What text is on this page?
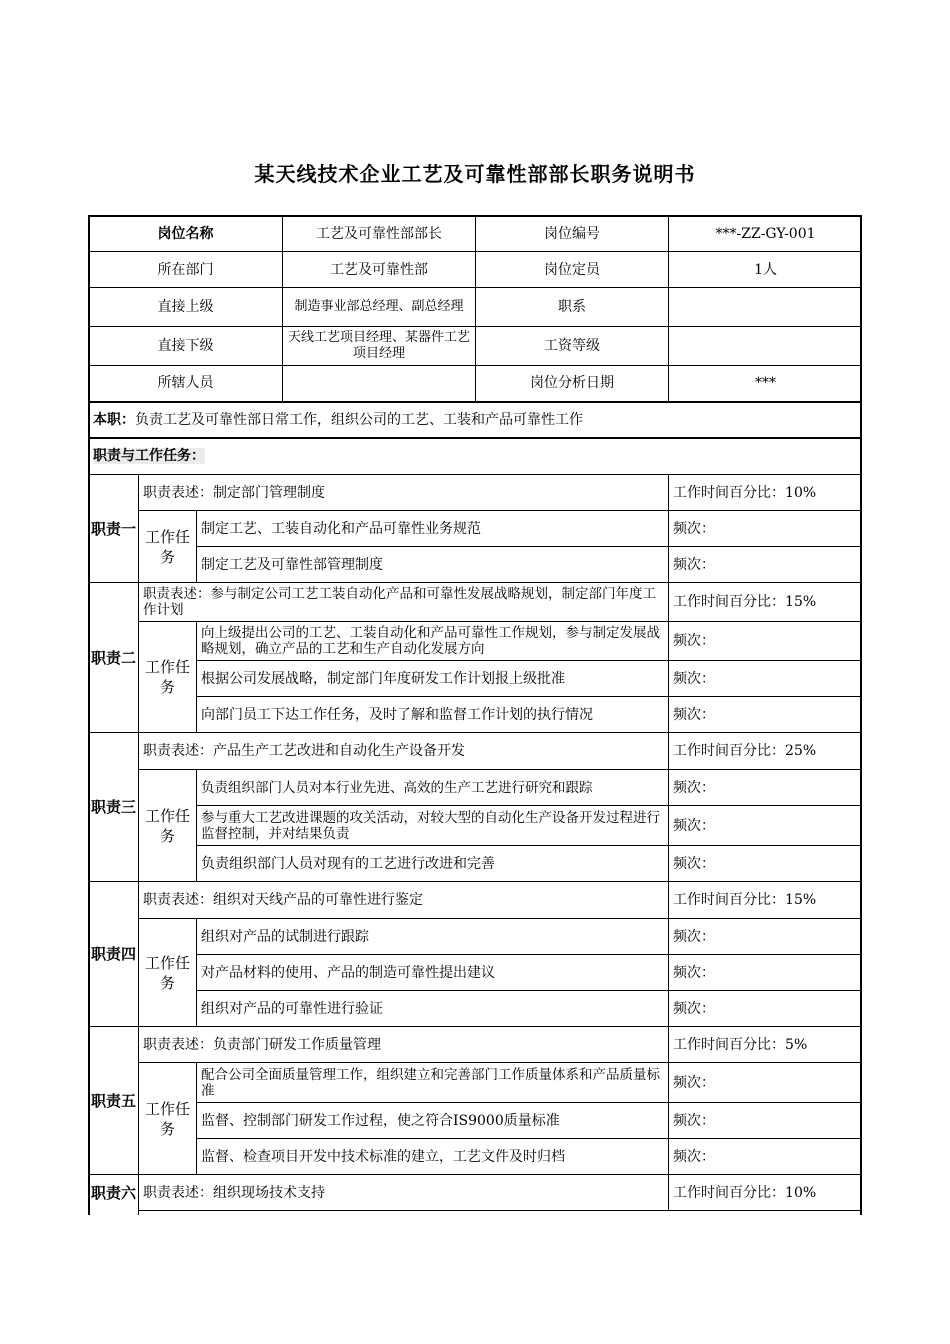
某天线技术企业工艺及可靠性部部长职务说明书
岗位名称			工艺及可靠性部部长	岗位编号	***-ZZ-GY-001
所在部门			工艺及可靠性部	岗位定员	1人
直接上级			制造事业部总经理、副总经理	职系	
直接下级			天线工艺项目经理、某器件工艺项目经理	工资等级	
所辖人员				岗位分析日期	***
本职：负责工艺及可靠性部日常工作，组织公司的工艺、工装和产品可靠性工作					
职责与工作任务：					
职责一	职责表述：制定部门管理制度				工作时间百分比：10%
	工作任务	制定工艺、工装自动化和产品可靠性业务规范			频次：
		制定工艺及可靠性部管理制度			频次：
职责二	职责表述：参与制定公司工艺工装自动化产品和可靠性发展战略规划，制定部门年度工作计划				工作时间百分比：15%
	工作任务	向上级提出公司的工艺、工装自动化和产品可靠性工作规划，参与制定发展战略规划，确立产品的工艺和生产自动化发展方向			频次：
		根据公司发展战略，制定部门年度研发工作计划报上级批准			频次：
		向部门员工下达工作任务，及时了解和监督工作计划的执行情况			频次：
职责三	职责表述：产品生产工艺改进和自动化生产设备开发				工作时间百分比：25%
	工作任务	负责组织部门人员对本行业先进、高效的生产工艺进行研究和跟踪			频次：
		参与重大工艺改进课题的攻关活动，对较大型的自动化生产设备开发过程进行监督控制，并对结果负责			频次：
		负责组织部门人员对现有的工艺进行改进和完善			频次：
职责四	职责表述：组织对天线产品的可靠性进行鉴定				工作时间百分比：15%
	工作任务	组织对产品的试制进行跟踪			频次：
		对产品材料的使用、产品的制造可靠性提出建议			频次：
		组织对产品的可靠性进行验证			频次：
职责五	职责表述：负责部门研发工作质量管理				工作时间百分比：5%
	工作任务	配合公司全面质量管理工作，组织建立和完善部门工作质量体系和产品质量标准			频次：
		监督、控制部门研发工作过程，使之符合IS9000质量标准			频次：
		监督、检查项目开发中技术标准的建立，工艺文件及时归档			频次：
职责六	职责表述：组织现场技术支持				工作时间百分比：10%
